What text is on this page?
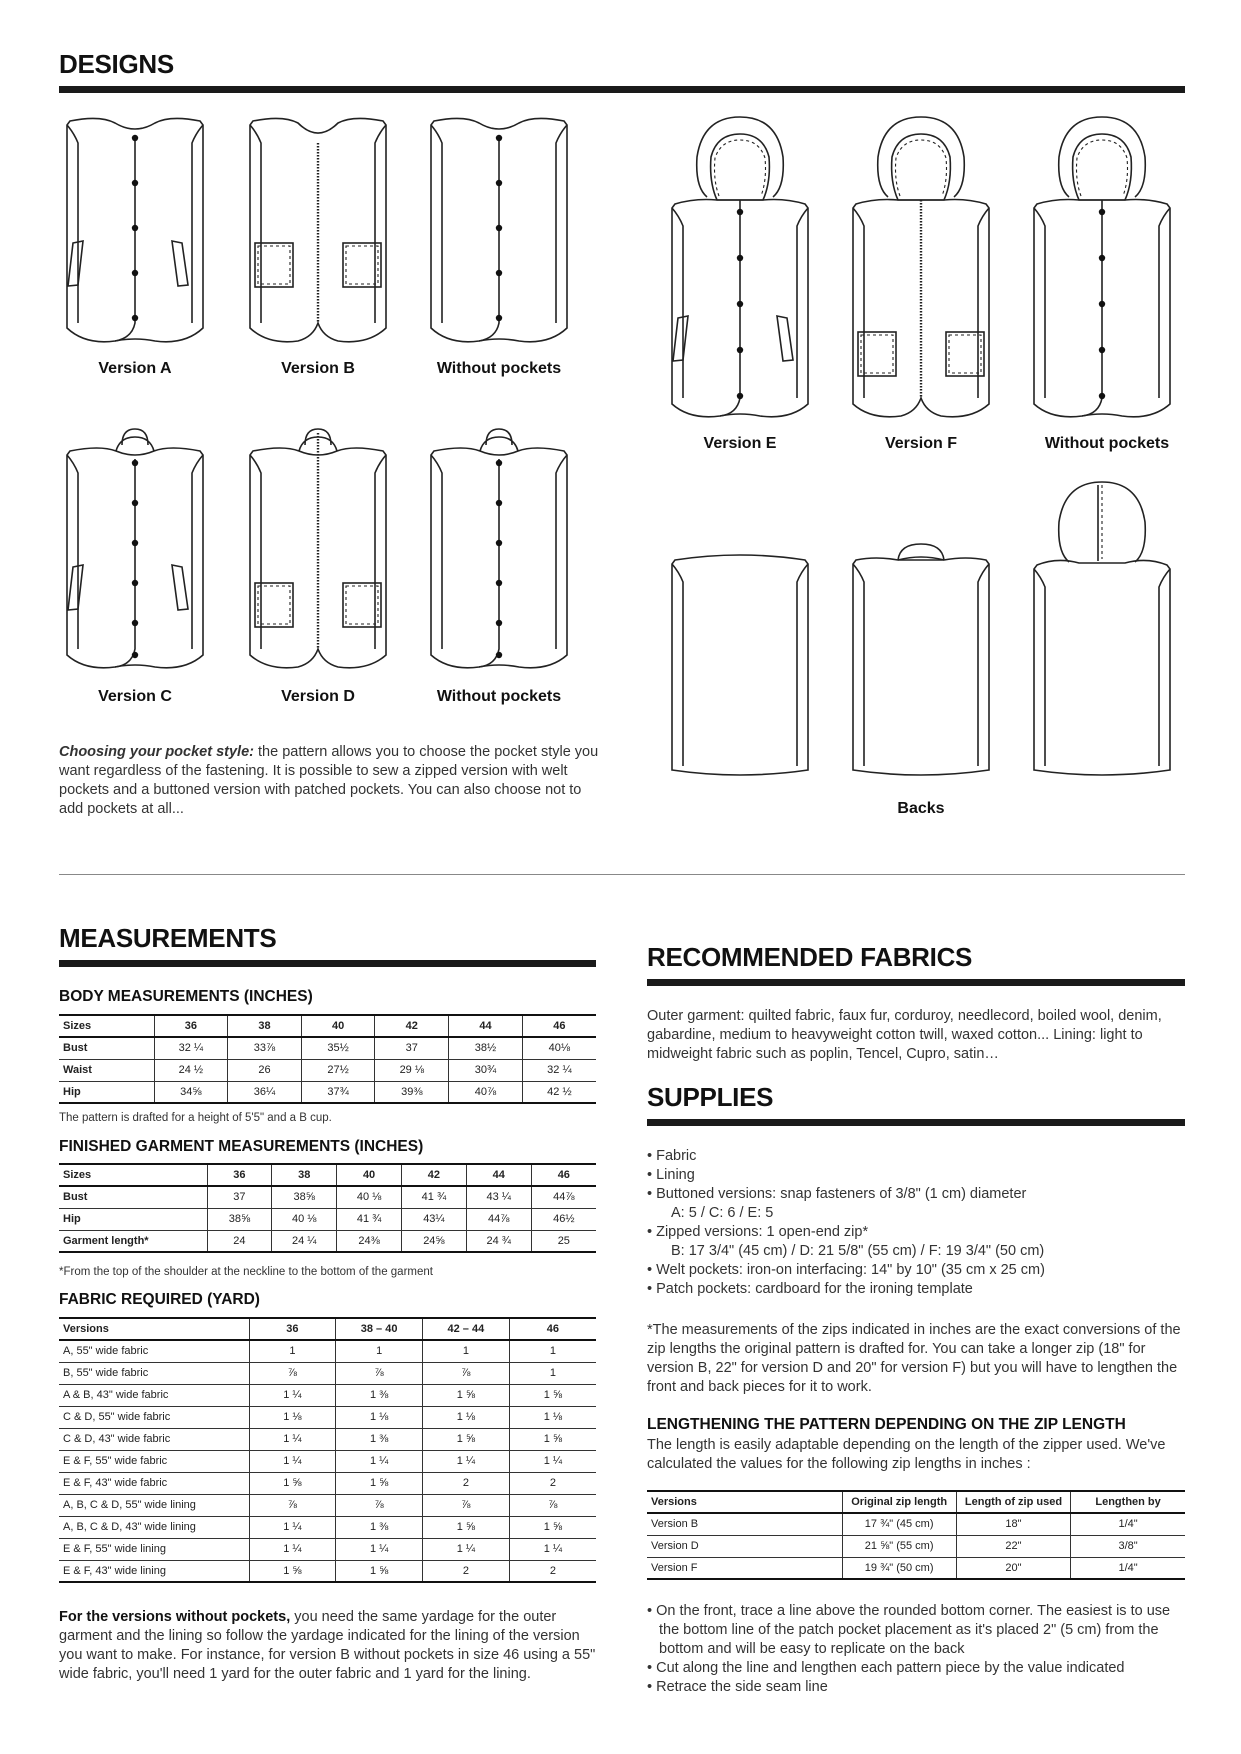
DESIGNS
Version A	Version B	Without pockets
Version C	Version D	Without pockets
Version E	Version F	Without pockets
Backs
Choosing your pocket style: the pattern allows you to choose the pocket style you want regardless of the fastening. It is possible to sew a zipped version with welt pockets and a buttoned version with patched pockets. You can also choose not to add pockets at all...
MEASUREMENTS
BODY MEASUREMENTS (INCHES)
Sizes	36	38	40	42	44	46
Bust	32 ¼	33⅞	35½	37	38½	40⅛
Waist	24 ½	26	27½	29 ⅛	30¾	32 ¼
Hip	34⅝	36¼	37¾	39⅜	40⅞	42 ½
The pattern is drafted for a height of 5'5" and a B cup.
FINISHED GARMENT MEASUREMENTS (INCHES)
Sizes	36	38	40	42	44	46
Bust	37	38⅝	40 ⅛	41 ¾	43 ¼	44⅞
Hip	38⅝	40 ⅛	41 ¾	43¼	44⅞	46½
Garment length*	24	24 ¼	24⅜	24⅝	24 ¾	25
*From the top of the shoulder at the neckline to the bottom of the garment
FABRIC REQUIRED (YARD)
Versions	36	38 – 40	42 – 44	46
A, 55" wide fabric	1	1	1	1
B, 55" wide fabric	⅞	⅞	⅞	1
A & B, 43" wide fabric	1 ¼	1 ⅜	1 ⅝	1 ⅝
C & D, 55" wide fabric	1 ⅛	1 ⅛	1 ⅛	1 ⅛
C & D, 43" wide fabric	1 ¼	1 ⅜	1 ⅝	1 ⅝
E & F, 55" wide fabric	1 ¼	1 ¼	1 ¼	1 ¼
E & F, 43" wide fabric	1 ⅝	1 ⅝	2	2
A, B, C & D, 55" wide lining	⅞	⅞	⅞	⅞
A, B, C & D, 43" wide lining	1 ¼	1 ⅜	1 ⅝	1 ⅝
E & F, 55" wide lining	1 ¼	1 ¼	1 ¼	1 ¼
E & F, 43" wide lining	1 ⅝	1 ⅝	2	2
For the versions without pockets, you need the same yardage for the outer garment and the lining so follow the yardage indicated for the lining of the version you want to make. For instance, for version B without pockets in size 46 using a 55" wide fabric, you'll need 1 yard for the outer fabric and 1 yard for the lining.
RECOMMENDED FABRICS
Outer garment: quilted fabric, faux fur, corduroy, needlecord, boiled wool, denim, gabardine, medium to heavyweight cotton twill, waxed cotton... Lining: light to midweight fabric such as poplin, Tencel, Cupro, satin…
SUPPLIES
• Fabric
• Lining
• Buttoned versions: snap fasteners of 3/8" (1 cm) diameter
A: 5 / C: 6 / E: 5
• Zipped versions: 1 open-end zip*
B: 17 3/4" (45 cm) / D: 21 5/8" (55 cm) / F: 19 3/4" (50 cm)
• Welt pockets: iron-on interfacing: 14" by 10" (35 cm x 25 cm)
• Patch pockets: cardboard for the ironing template
*The measurements of the zips indicated in inches are the exact conversions of the zip lengths the original pattern is drafted for. You can take a longer zip (18" for version B, 22" for version D and 20" for version F) but you will have to lengthen the front and back pieces for it to work.
LENGTHENING THE PATTERN DEPENDING ON THE ZIP LENGTH
The length is easily adaptable depending on the length of the zipper used. We've calculated the values for the following zip lengths in inches :
Versions	Original zip length	Length of zip used	Lengthen by
Version B	17 ¾" (45 cm)	18"	1/4"
Version D	21 ⅝" (55 cm)	22"	3/8"
Version F	19 ¾" (50 cm)	20"	1/4"
• On the front, trace a line above the rounded bottom corner. The easiest is to use the bottom line of the patch pocket placement as it's placed 2" (5 cm) from the bottom and will be easy to replicate on the back
• Cut along the line and lengthen each pattern piece by the value indicated
• Retrace the side seam line
